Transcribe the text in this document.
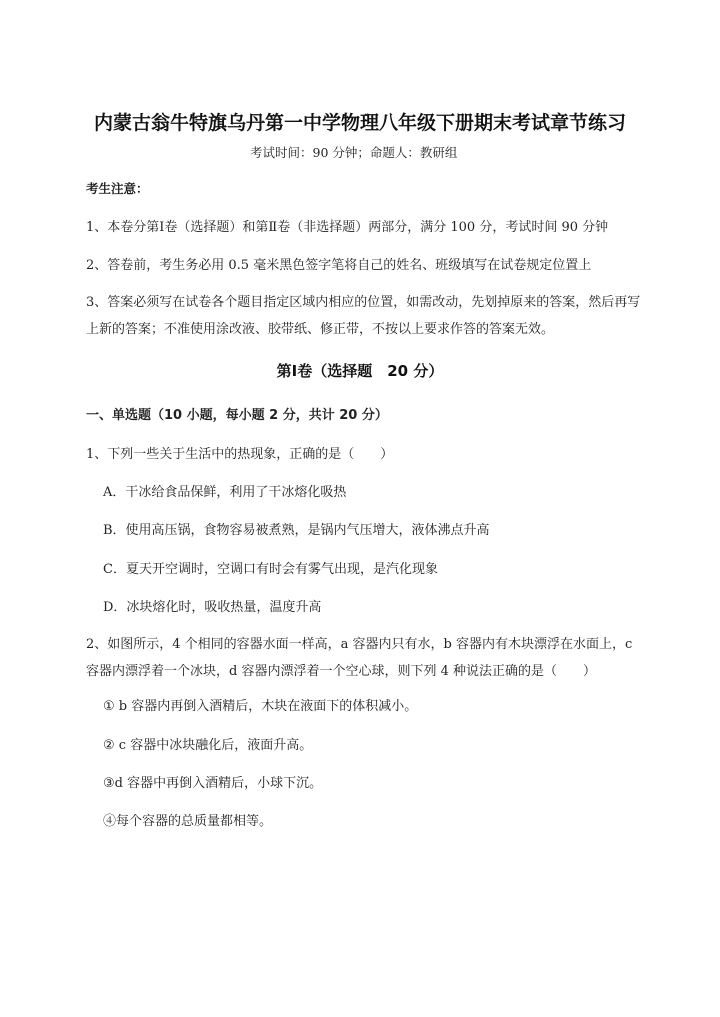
内蒙古翁牛特旗乌丹第一中学物理八年级下册期末考试章节练习
考试时间：90 分钟；命题人：教研组
考生注意：
1、本卷分第Ⅰ卷（选择题）和第Ⅱ卷（非选择题）两部分，满分 100 分，考试时间 90 分钟
2、答卷前，考生务必用 0.5 毫米黑色签字笔将自己的姓名、班级填写在试卷规定位置上
3、答案必须写在试卷各个题目指定区域内相应的位置，如需改动，先划掉原来的答案，然后再写上新的答案；不准使用涂改液、胶带纸、修正带，不按以上要求作答的答案无效。
第Ⅰ卷（选择题　20 分）
一、单选题（10 小题，每小题 2 分，共计 20 分）
1、下列一些关于生活中的热现象，正确的是（　　）
A．干冰给食品保鲜，利用了干冰熔化吸热
B．使用高压锅，食物容易被煮熟，是锅内气压增大，液体沸点升高
C．夏天开空调时，空调口有时会有雾气出现，是汽化现象
D．冰块熔化时，吸收热量，温度升高
2、如图所示，4 个相同的容器水面一样高，a 容器内只有水，b 容器内有木块漂浮在水面上，c 容器内漂浮着一个冰块，d 容器内漂浮着一个空心球，则下列 4 种说法正确的是（　　）
① b 容器内再倒入酒精后，木块在液面下的体积减小。
② c 容器中冰块融化后，液面升高。
③d 容器中再倒入酒精后，小球下沉。
④每个容器的总质量都相等。
